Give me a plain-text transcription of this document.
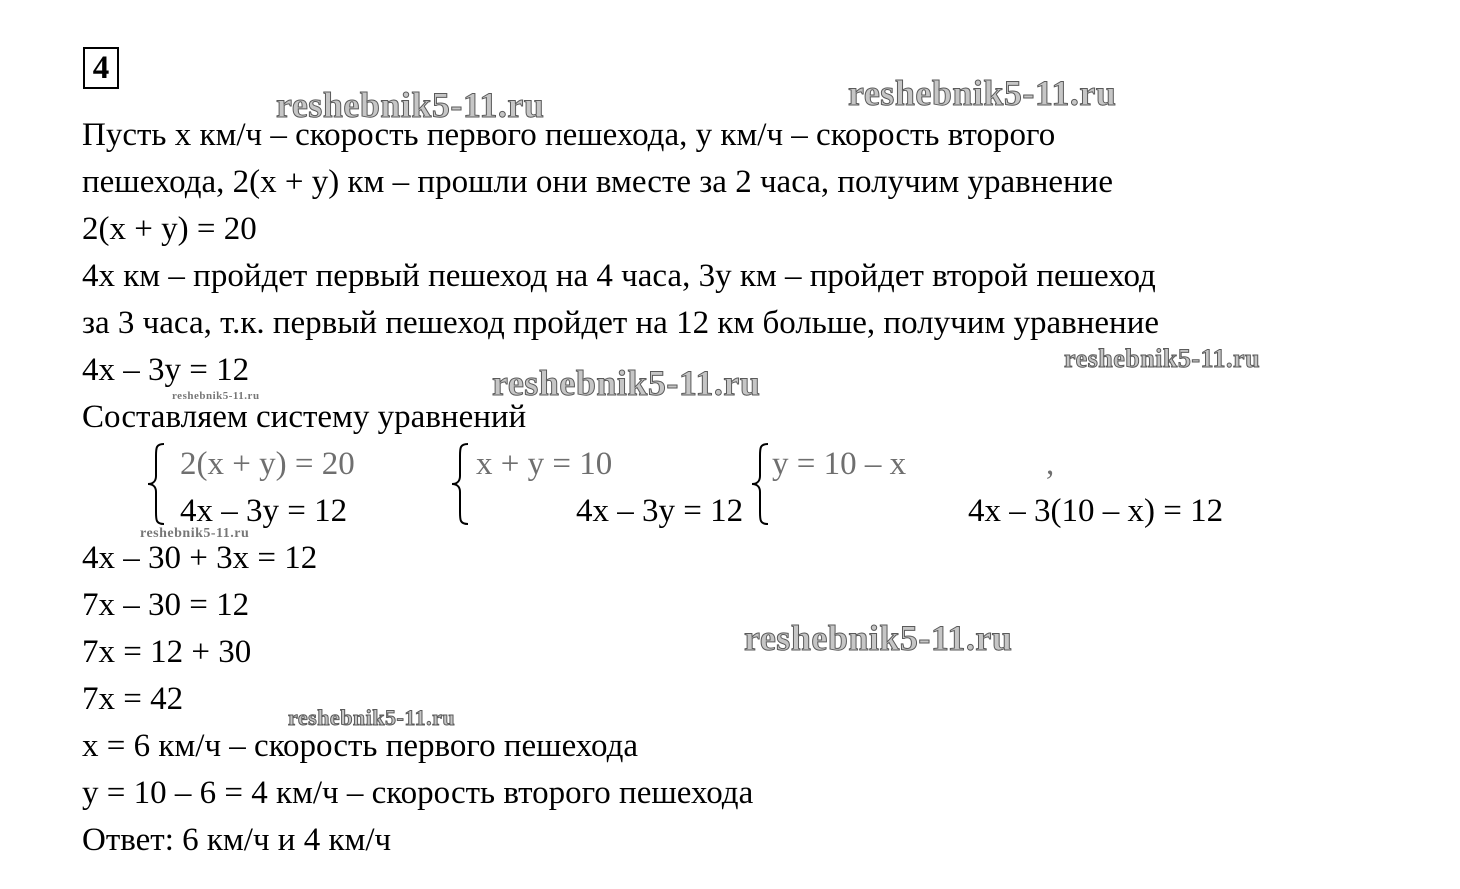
4
reshebnik5-11.ru	reshebnik5-11.ru
reshebnik5-11.ru
reshebnik5-11.ru
reshebnik5-11.ru
reshebnik5-11.ru
reshebnik5-11.ru
reshebnik5-11.ru
Пусть x км/ч – скорость первого пешехода, y км/ч – скорость второго
пешехода, 2(x + y) км – прошли они вместе за 2 часа, получим уравнение
2(x + y) = 20
4x км – пройдет первый пешеход на 4 часа, 3y км – пройдет второй пешеход
за 3 часа, т.к. первый пешеход пройдет на 12 км больше, получим уравнение
4x – 3y = 12
Составляем систему уравнений
2(x + y) = 20
4x – 3y = 12
x + y = 10
4x – 3y = 12
y = 10 – x	,
4x – 3(10 – x) = 12
4x – 30 + 3x = 12
7x – 30 = 12
7x = 12 + 30
7x = 42
x = 6 км/ч – скорость первого пешехода
y = 10 – 6 = 4 км/ч – скорость второго пешехода
Ответ: 6 км/ч и 4 км/ч
